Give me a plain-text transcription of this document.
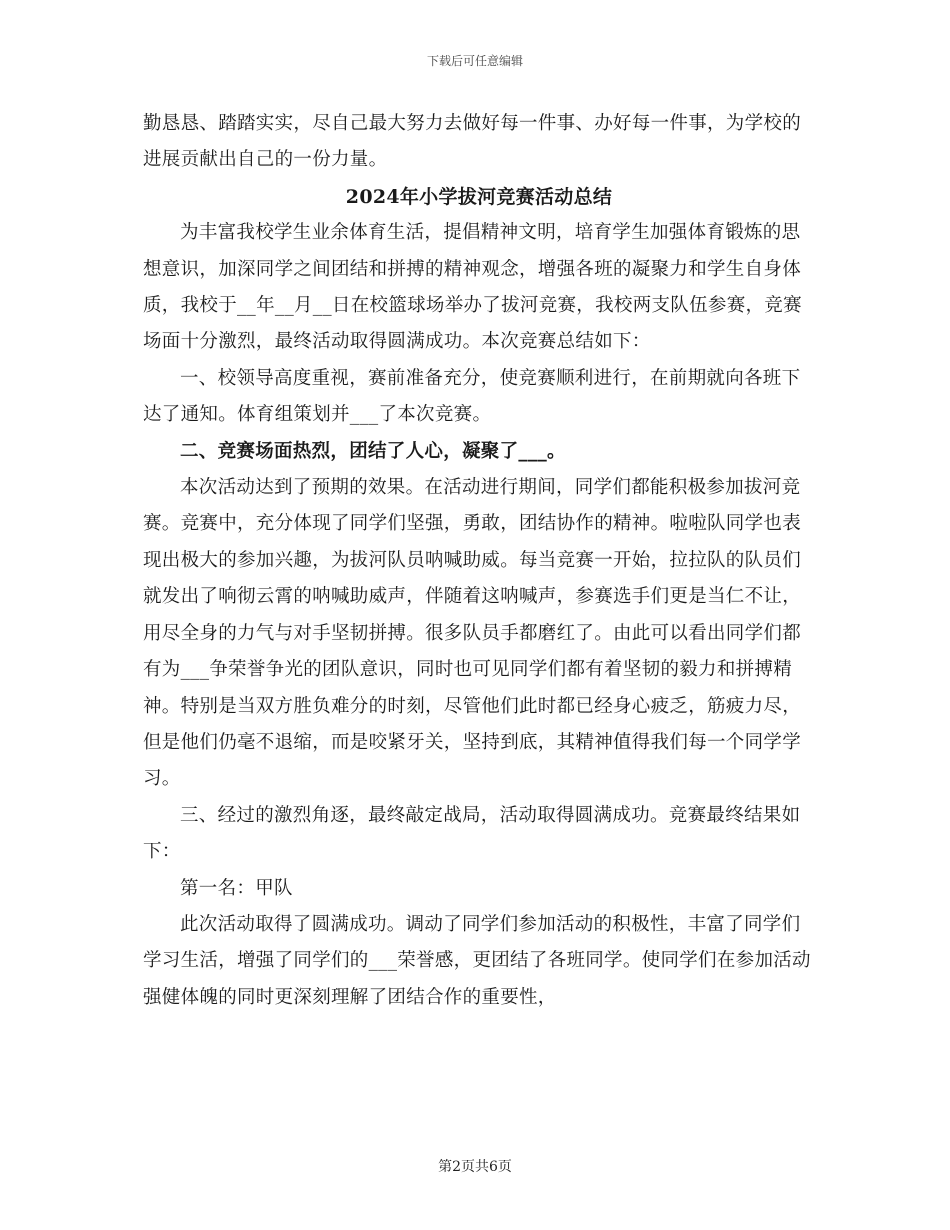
下载后可任意编辑

勤恳恳、踏踏实实，尽自己最大努力去做好每一件事、办好每一件事，为学校的进展贡献出自己的一份力量。

2024年小学拔河竞赛活动总结

为丰富我校学生业余体育生活，提倡精神文明，培育学生加强体育锻炼的思想意识，加深同学之间团结和拼搏的精神观念，增强各班的凝聚力和学生自身体质，我校于__年__月__日在校篮球场举办了拔河竞赛，我校两支队伍参赛，竞赛场面十分激烈，最终活动取得圆满成功。本次竞赛总结如下：

一、校领导高度重视，赛前准备充分，使竞赛顺利进行，在前期就向各班下达了通知。体育组策划并___了本次竞赛。

二、竞赛场面热烈，团结了人心，凝聚了___。

本次活动达到了预期的效果。在活动进行期间，同学们都能积极参加拔河竞赛。竞赛中，充分体现了同学们坚强，勇敢，团结协作的精神。啦啦队同学也表现出极大的参加兴趣，为拔河队员呐喊助威。每当竞赛一开始，拉拉队的队员们就发出了响彻云霄的呐喊助威声，伴随着这呐喊声，参赛选手们更是当仁不让，用尽全身的力气与对手坚韧拼搏。很多队员手都磨红了。由此可以看出同学们都有为___争荣誉争光的团队意识，同时也可见同学们都有着坚韧的毅力和拼搏精神。特别是当双方胜负难分的时刻，尽管他们此时都已经身心疲乏，筋疲力尽，但是他们仍毫不退缩，而是咬紧牙关，坚持到底，其精神值得我们每一个同学学习。

三、经过的激烈角逐，最终敲定战局，活动取得圆满成功。竞赛最终结果如下：

第一名：甲队

此次活动取得了圆满成功。调动了同学们参加活动的积极性，丰富了同学们学习生活，增强了同学们的___荣誉感，更团结了各班同学。使同学们在参加活动强健体魄的同时更深刻理解了团结合作的重要性，

第2页共6页
